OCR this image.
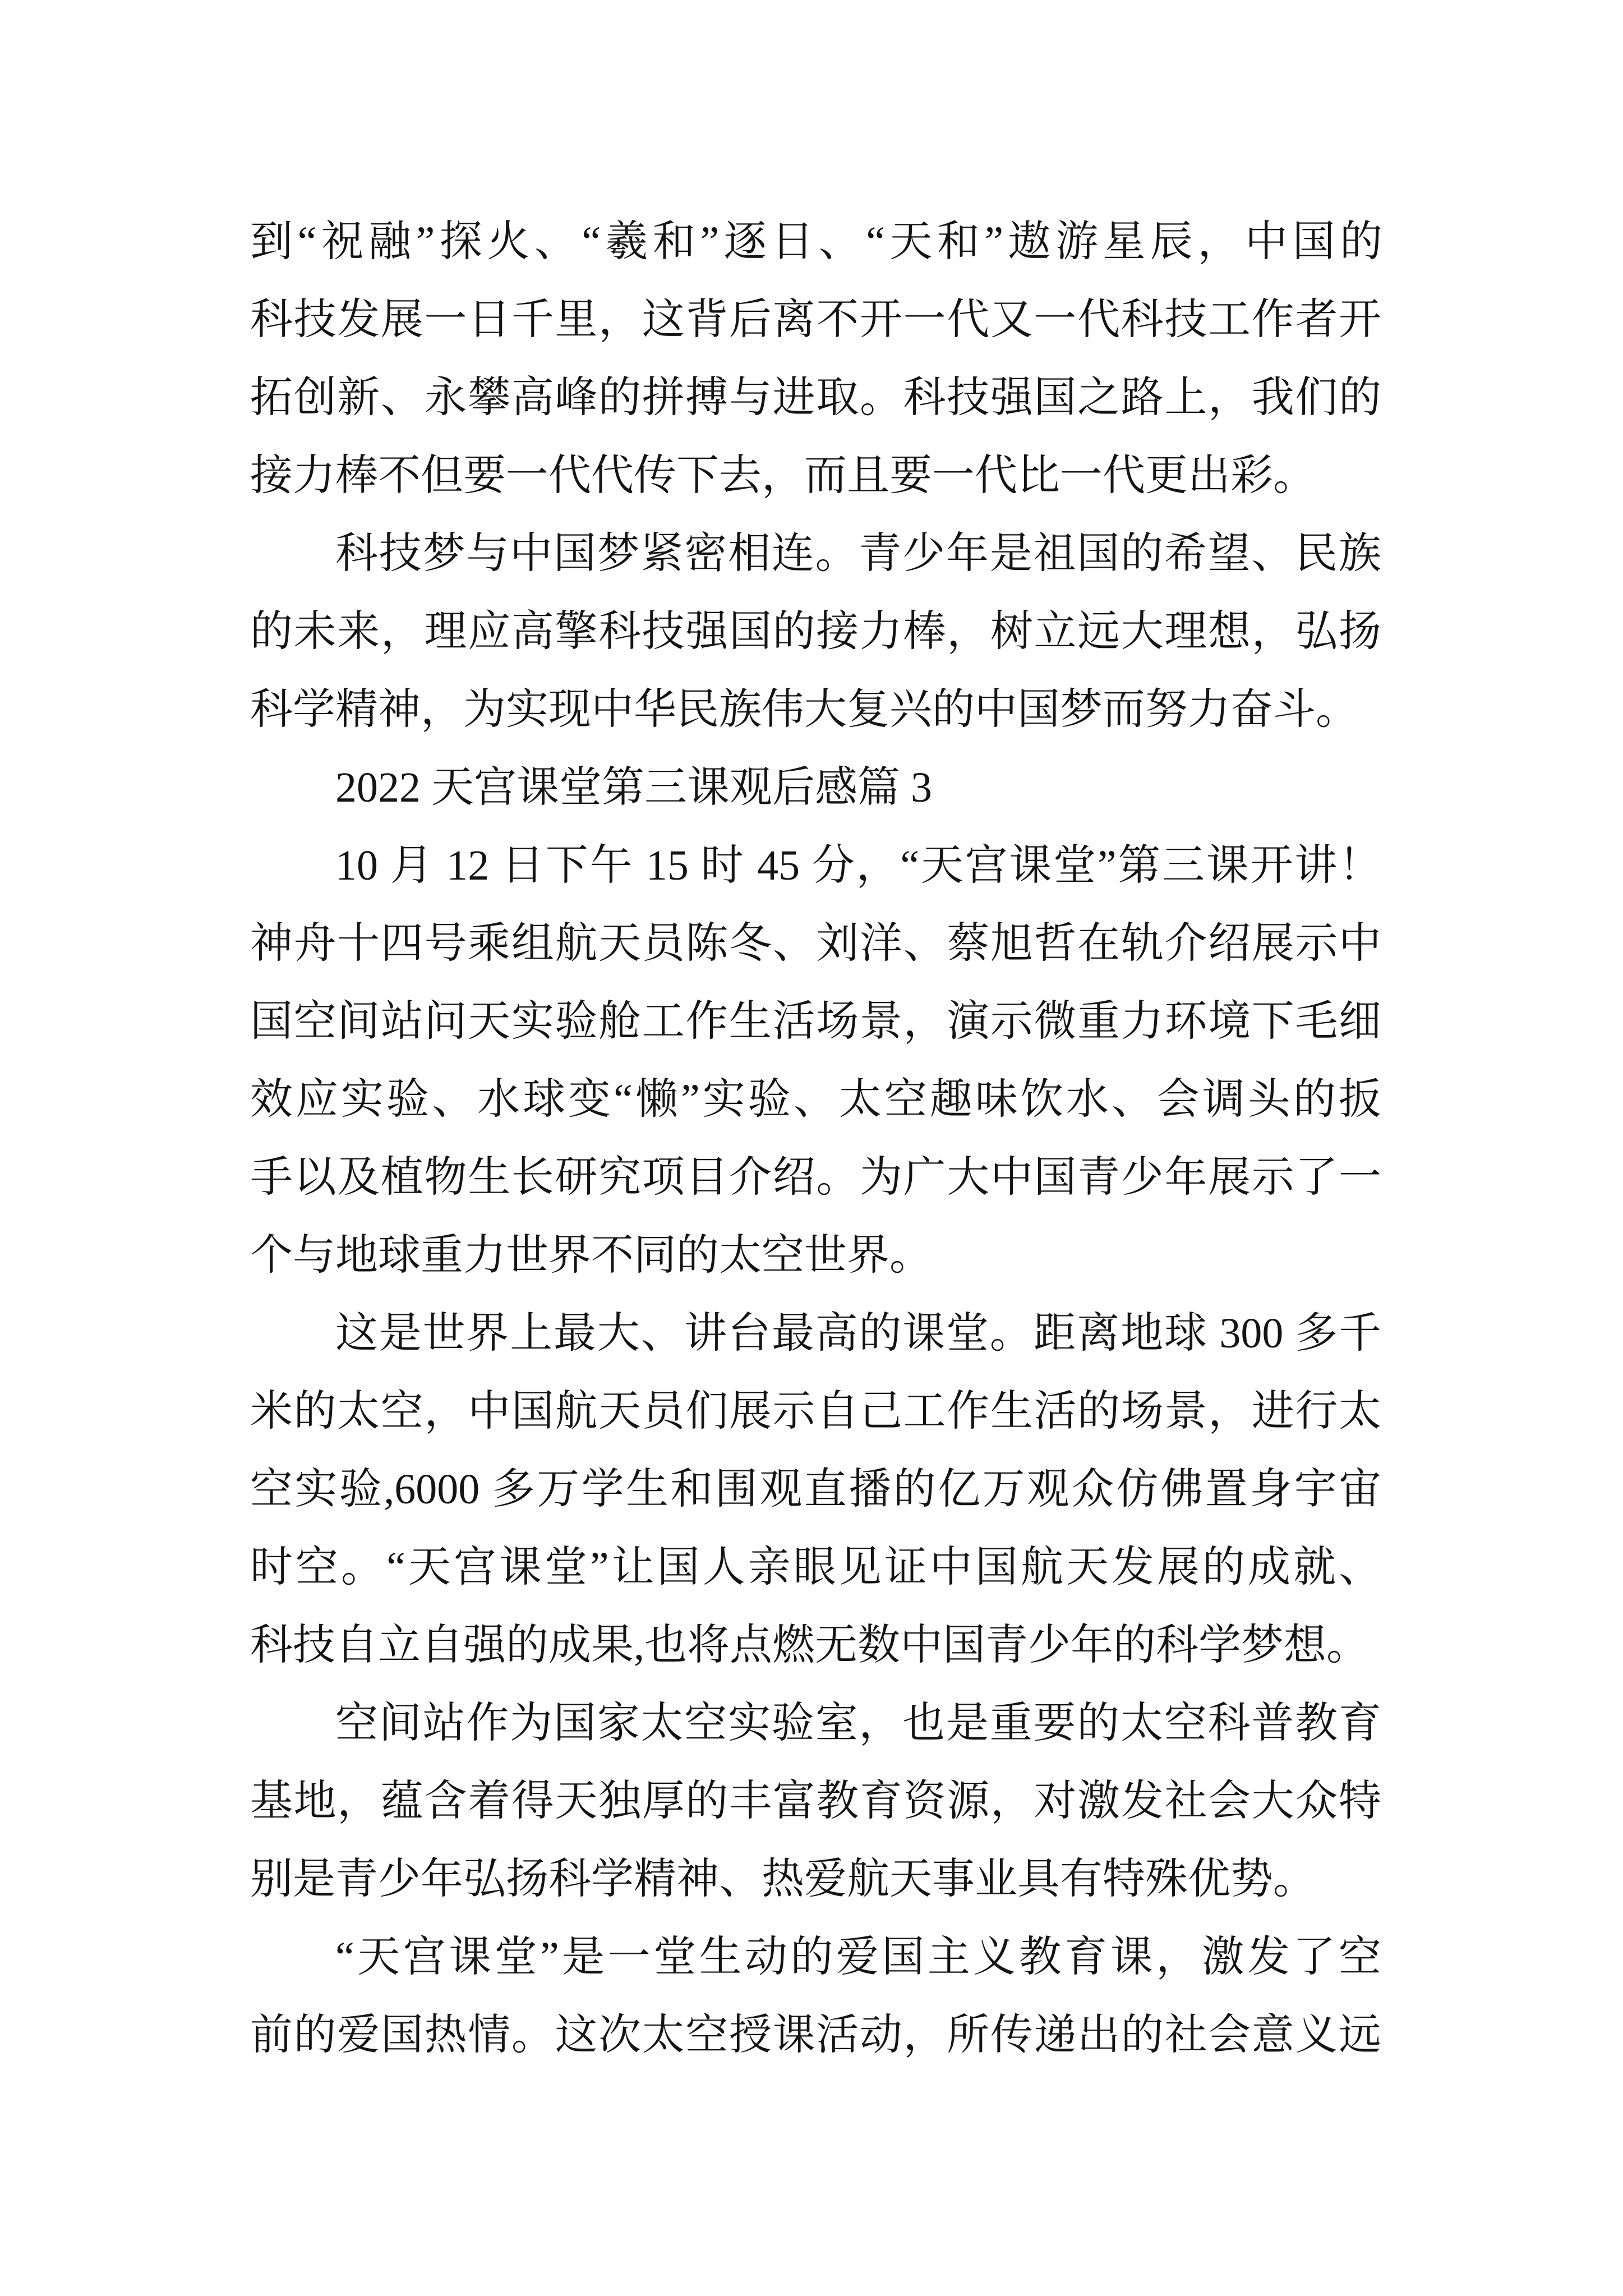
到“祝融”探火、“羲和”逐日、“天和”遨游星辰，中国的
科技发展一日千里，这背后离不开一代又一代科技工作者开
拓创新、永攀高峰的拼搏与进取。科技强国之路上，我们的
接力棒不但要一代代传下去，而且要一代比一代更出彩。
科技梦与中国梦紧密相连。青少年是祖国的希望、民族
的未来，理应高擎科技强国的接力棒，树立远大理想，弘扬
科学精神，为实现中华民族伟大复兴的中国梦而努力奋斗。
2022 天宫课堂第三课观后感篇 3
10 月 12 日下午 15 时 45 分，“天宫课堂”第三课开讲！
神舟十四号乘组航天员陈冬、刘洋、蔡旭哲在轨介绍展示中
国空间站问天实验舱工作生活场景，演示微重力环境下毛细
效应实验、水球变“懒”实验、太空趣味饮水、会调头的扳
手以及植物生长研究项目介绍。为广大中国青少年展示了一
个与地球重力世界不同的太空世界。
这是世界上最大、讲台最高的课堂。距离地球 300 多千
米的太空，中国航天员们展示自己工作生活的场景，进行太
空实验,6000 多万学生和围观直播的亿万观众仿佛置身宇宙
时空。“天宫课堂”让国人亲眼见证中国航天发展的成就、
科技自立自强的成果,也将点燃无数中国青少年的科学梦想。
空间站作为国家太空实验室，也是重要的太空科普教育
基地，蕴含着得天独厚的丰富教育资源，对激发社会大众特
别是青少年弘扬科学精神、热爱航天事业具有特殊优势。
“天宫课堂”是一堂生动的爱国主义教育课，激发了空
前的爱国热情。这次太空授课活动，所传递出的社会意义远
